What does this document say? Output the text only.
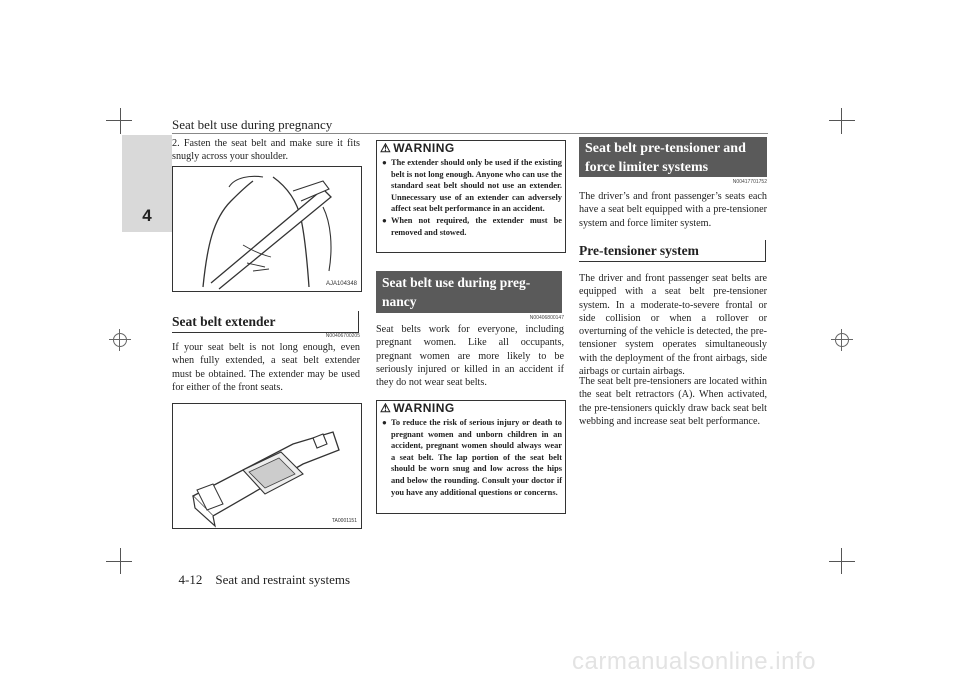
Seat belt use during pregnancy
4
2. Fasten the seat belt and make sure it fits snugly across your shoulder.
AJA104348
Seat belt extender
N00406700205
If your seat belt is not long enough, even when fully extended, a seat belt extender must be obtained. The extender may be used for either of the front seats.
TA0001151
⚠ WARNING
● The extender should only be used if the existing belt is not long enough. Anyone who can use the standard seat belt should not use an extender. Unnecessary use of an extender can adversely affect seat belt performance in an accident.
● When not required, the extender must be removed and stowed.
Seat belt use during preg-nancy
N00406800147
Seat belts work for everyone, including pregnant women. Like all occupants, pregnant women are more likely to be seriously injured or killed in an accident if they do not wear seat belts.
⚠ WARNING
● To reduce the risk of serious injury or death to pregnant women and unborn children in an accident, pregnant women should always wear a seat belt. The lap portion of the seat belt should be worn snug and low across the hips and below the rounding. Consult your doctor if you have any additional questions or concerns.
Seat belt pre-tensioner and force limiter systems
N00417701752
The driver’s and front passenger’s seats each have a seat belt equipped with a pre-tensioner system and force limiter system.
Pre-tensioner system
The driver and front passenger seat belts are equipped with a seat belt pre-tensioner system. In a moderate-to-severe frontal or side collision or when a rollover or overturning of the vehicle is detected, the pre-tensioner system operates simultaneously with the deployment of the front airbags, side airbags or curtain airbags.
The seat belt pre-tensioners are located within the seat belt retractors (A). When activated, the pre-tensioners quickly draw back seat belt webbing and increase seat belt performance.

4-12 Seat and restraint systems

carmanualsonline.info
